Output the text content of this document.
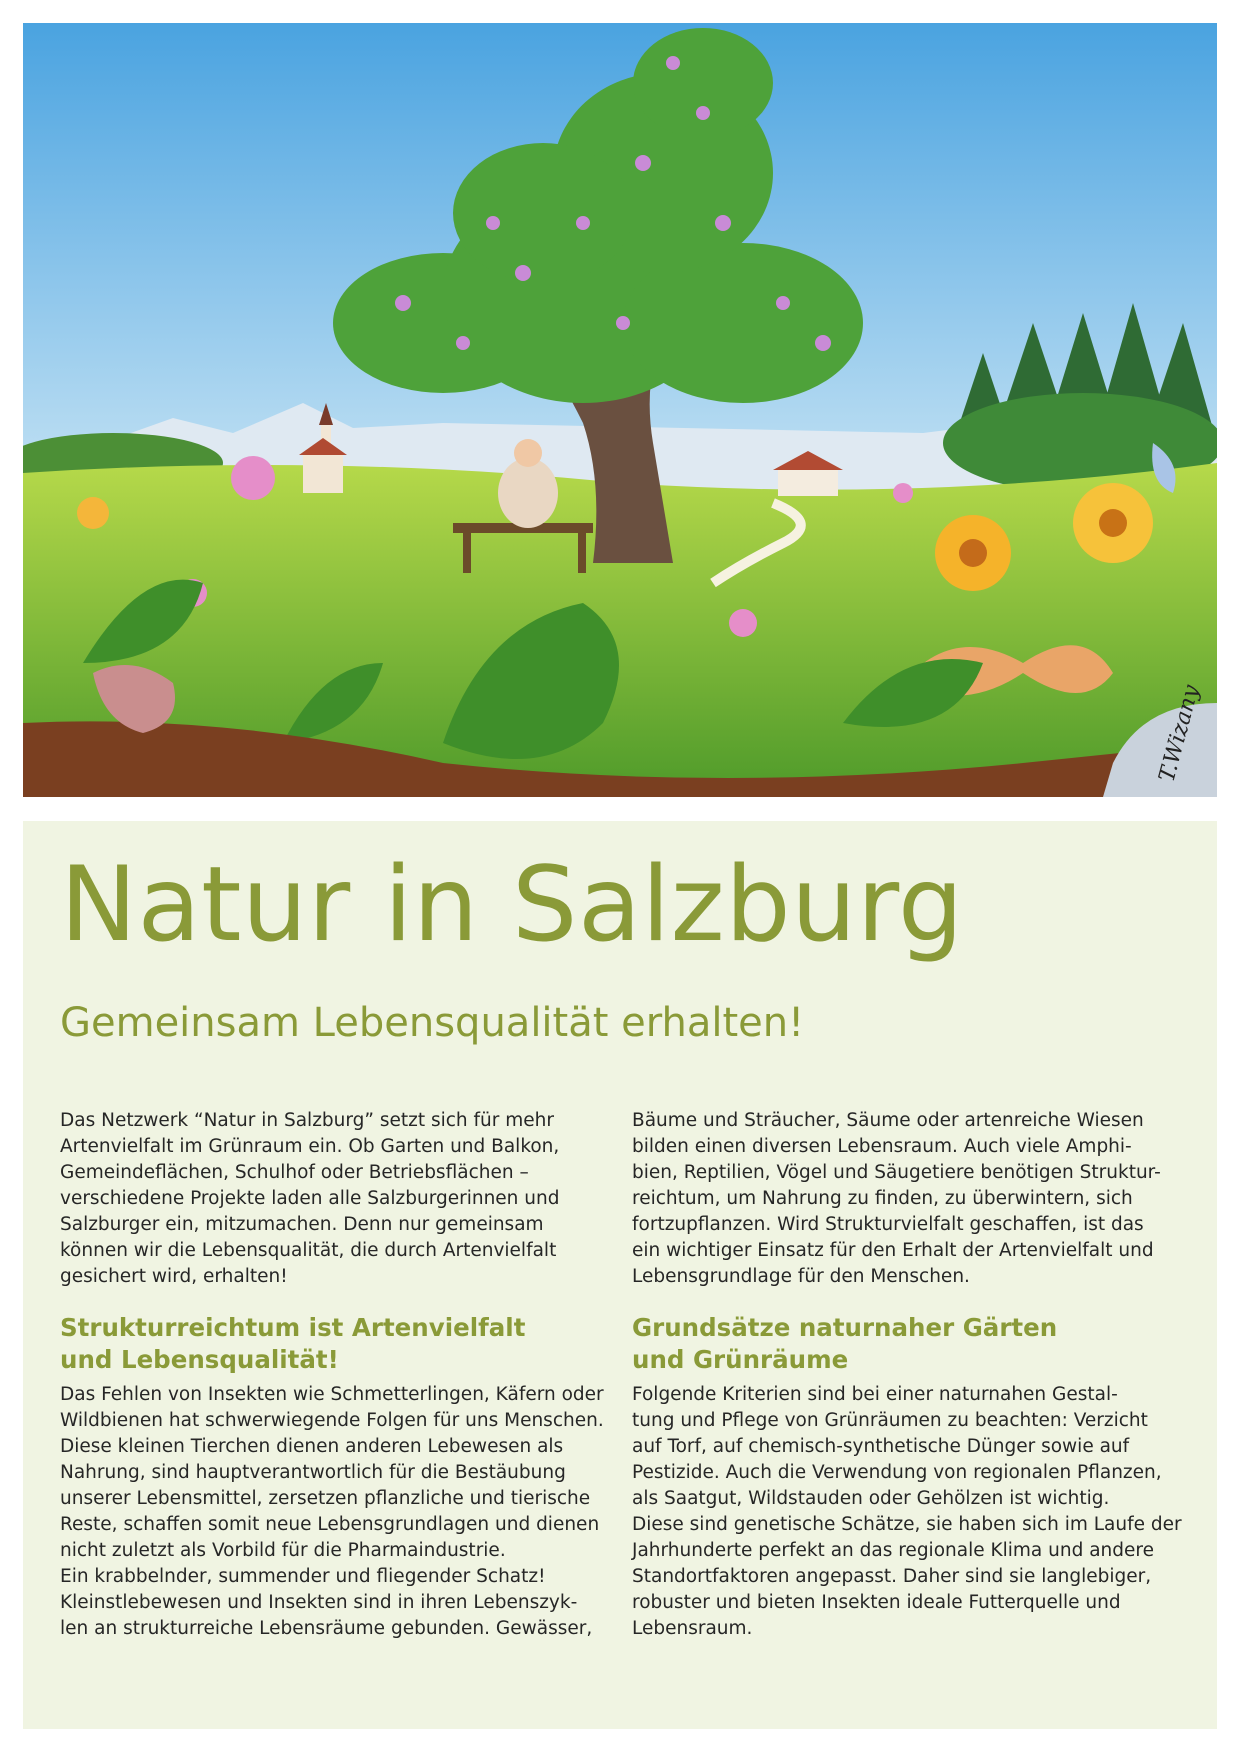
T.Wizany
Natur in Salzburg
Gemeinsam Lebensqualität erhalten!

Das Netzwerk “Natur in Salzburg” setzt sich für mehr
Artenvielfalt im Grünraum ein. Ob Garten und Balkon,
Gemeindeflächen, Schulhof oder Betriebsflächen –
verschiedene Projekte laden alle Salzburgerinnen und
Salzburger ein, mitzumachen. Denn nur gemeinsam
können wir die Lebensqualität, die durch Artenvielfalt
gesichert wird, erhalten!

Strukturreichtum ist Artenvielfalt
und Lebensqualität!

Das Fehlen von Insekten wie Schmetterlingen, Käfern oder
Wildbienen hat schwerwiegende Folgen für uns Menschen.
Diese kleinen Tierchen dienen anderen Lebewesen als
Nahrung, sind hauptverantwortlich für die Bestäubung
unserer Lebensmittel, zersetzen pflanzliche und tierische
Reste, schaffen somit neue Lebensgrundlagen und dienen
nicht zuletzt als Vorbild für die Pharmaindustrie.
Ein krabbelnder, summender und fliegender Schatz!
Kleinstlebewesen und Insekten sind in ihren Lebenszyk-
len an strukturreiche Lebensräume gebunden. Gewässer,

Bäume und Sträucher, Säume oder artenreiche Wiesen
bilden einen diversen Lebensraum. Auch viele Amphi-
bien, Reptilien, Vögel und Säugetiere benötigen Struktur-
reichtum, um Nahrung zu finden, zu überwintern, sich
fortzupflanzen. Wird Strukturvielfalt geschaffen, ist das
ein wichtiger Einsatz für den Erhalt der Artenvielfalt und
Lebensgrundlage für den Menschen.

Grundsätze naturnaher Gärten
und Grünräume

Folgende Kriterien sind bei einer naturnahen Gestal-
tung und Pflege von Grünräumen zu beachten: Verzicht
auf Torf, auf chemisch-synthetische Dünger sowie auf
Pestizide. Auch die Verwendung von regionalen Pflanzen,
als Saatgut, Wildstauden oder Gehölzen ist wichtig.
Diese sind genetische Schätze, sie haben sich im Laufe der
Jahrhunderte perfekt an das regionale Klima und andere
Standortfaktoren angepasst. Daher sind sie langlebiger,
robuster und bieten Insekten ideale Futterquelle und
Lebensraum.
